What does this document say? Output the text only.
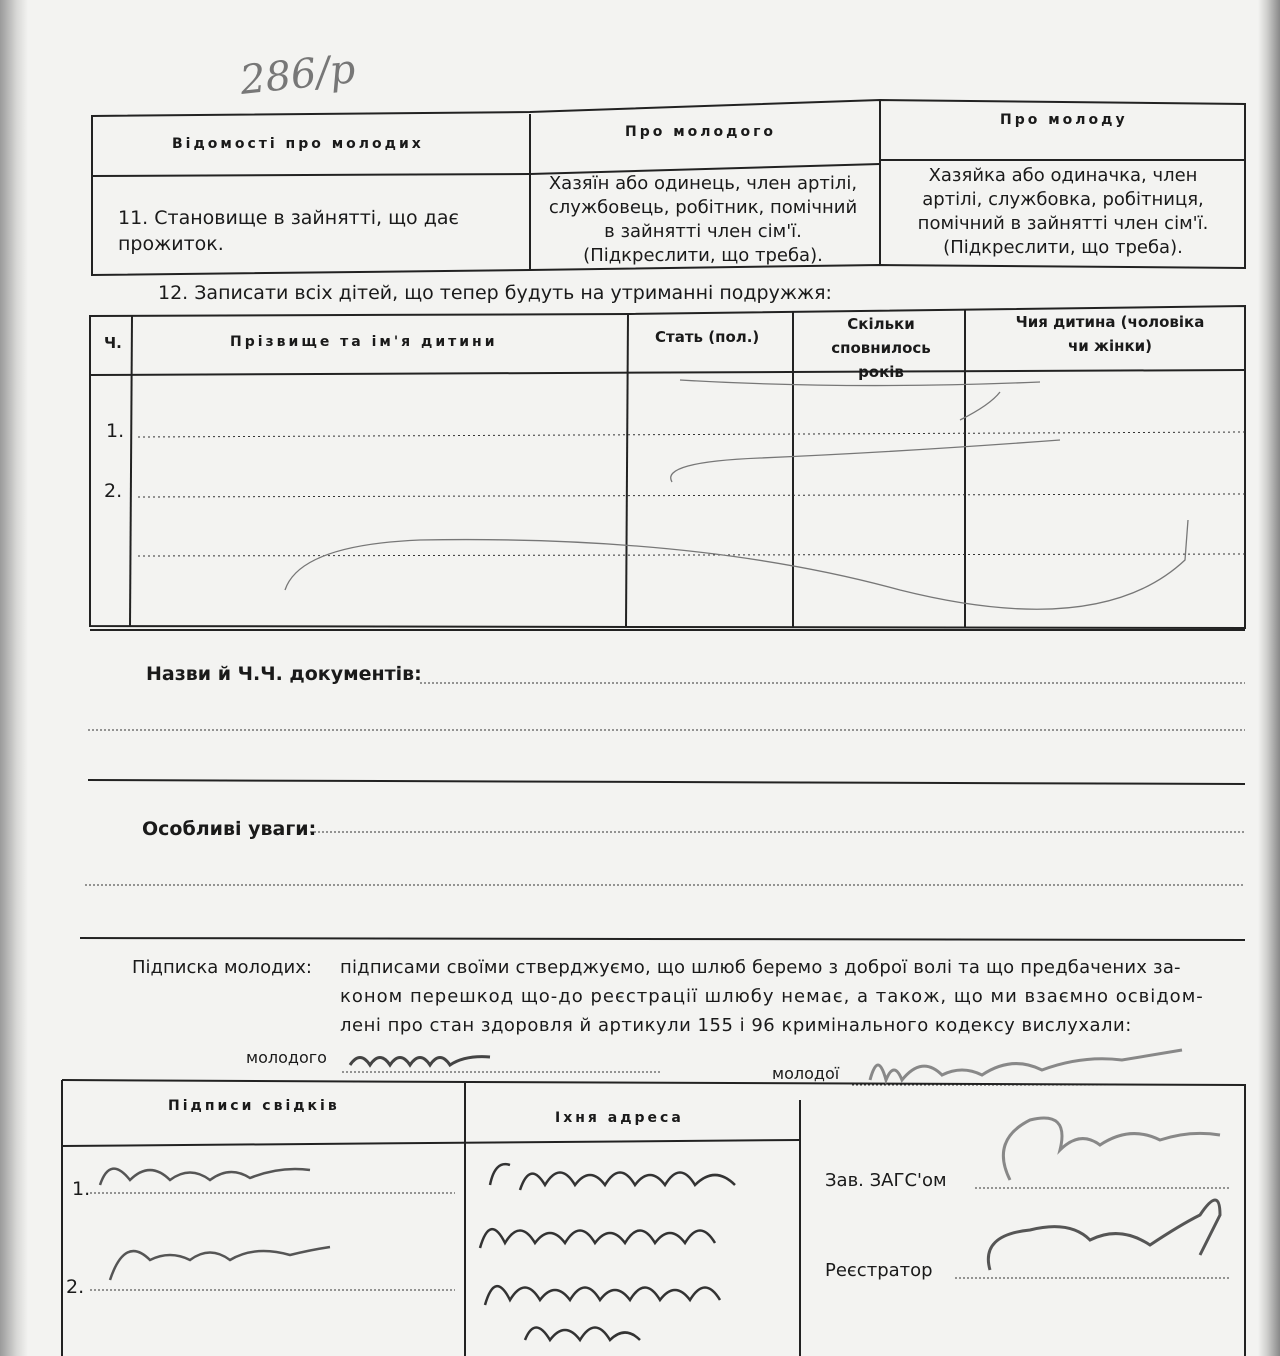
286/р
Відомості про молодих
Про молодого
Про молоду
11. Становище в зайнятті, що дає прожиток.
Хазяїн або одинець, член артілі, службовець, робітник, помічний в зайнятті член сім'ї. (Підкреслити, що треба).
Хазяйка або одиначка, член артілі, службовка, робітниця, помічний в зайнятті член сім'ї. (Підкреслити, що треба).
12. Записати всіх дітей, що тепер будуть на утриманні подружжя:
Ч.	Прізвище та ім'я дитини	Стать (пол.)
Скільки сповнилось років
Чия дитина (чоловіка чи жінки)
1.
2.
Назви й Ч.Ч. документів:
Особливі уваги:
Підписка молодих: підписами своїми стверджуємо, що шлюб беремо з доброї волі та що предбачених за-
коном перешкод що-до реєстрації шлюбу немає, а також, що ми взаємно освідом-
лені про стан здоровля й артикули 155 і 96 кримінального кодексу вислухали:
молодого
молодої
Підписи свідків
Іхня адреса
1.
2.
Зав. ЗАГС'ом
Реєстратор
